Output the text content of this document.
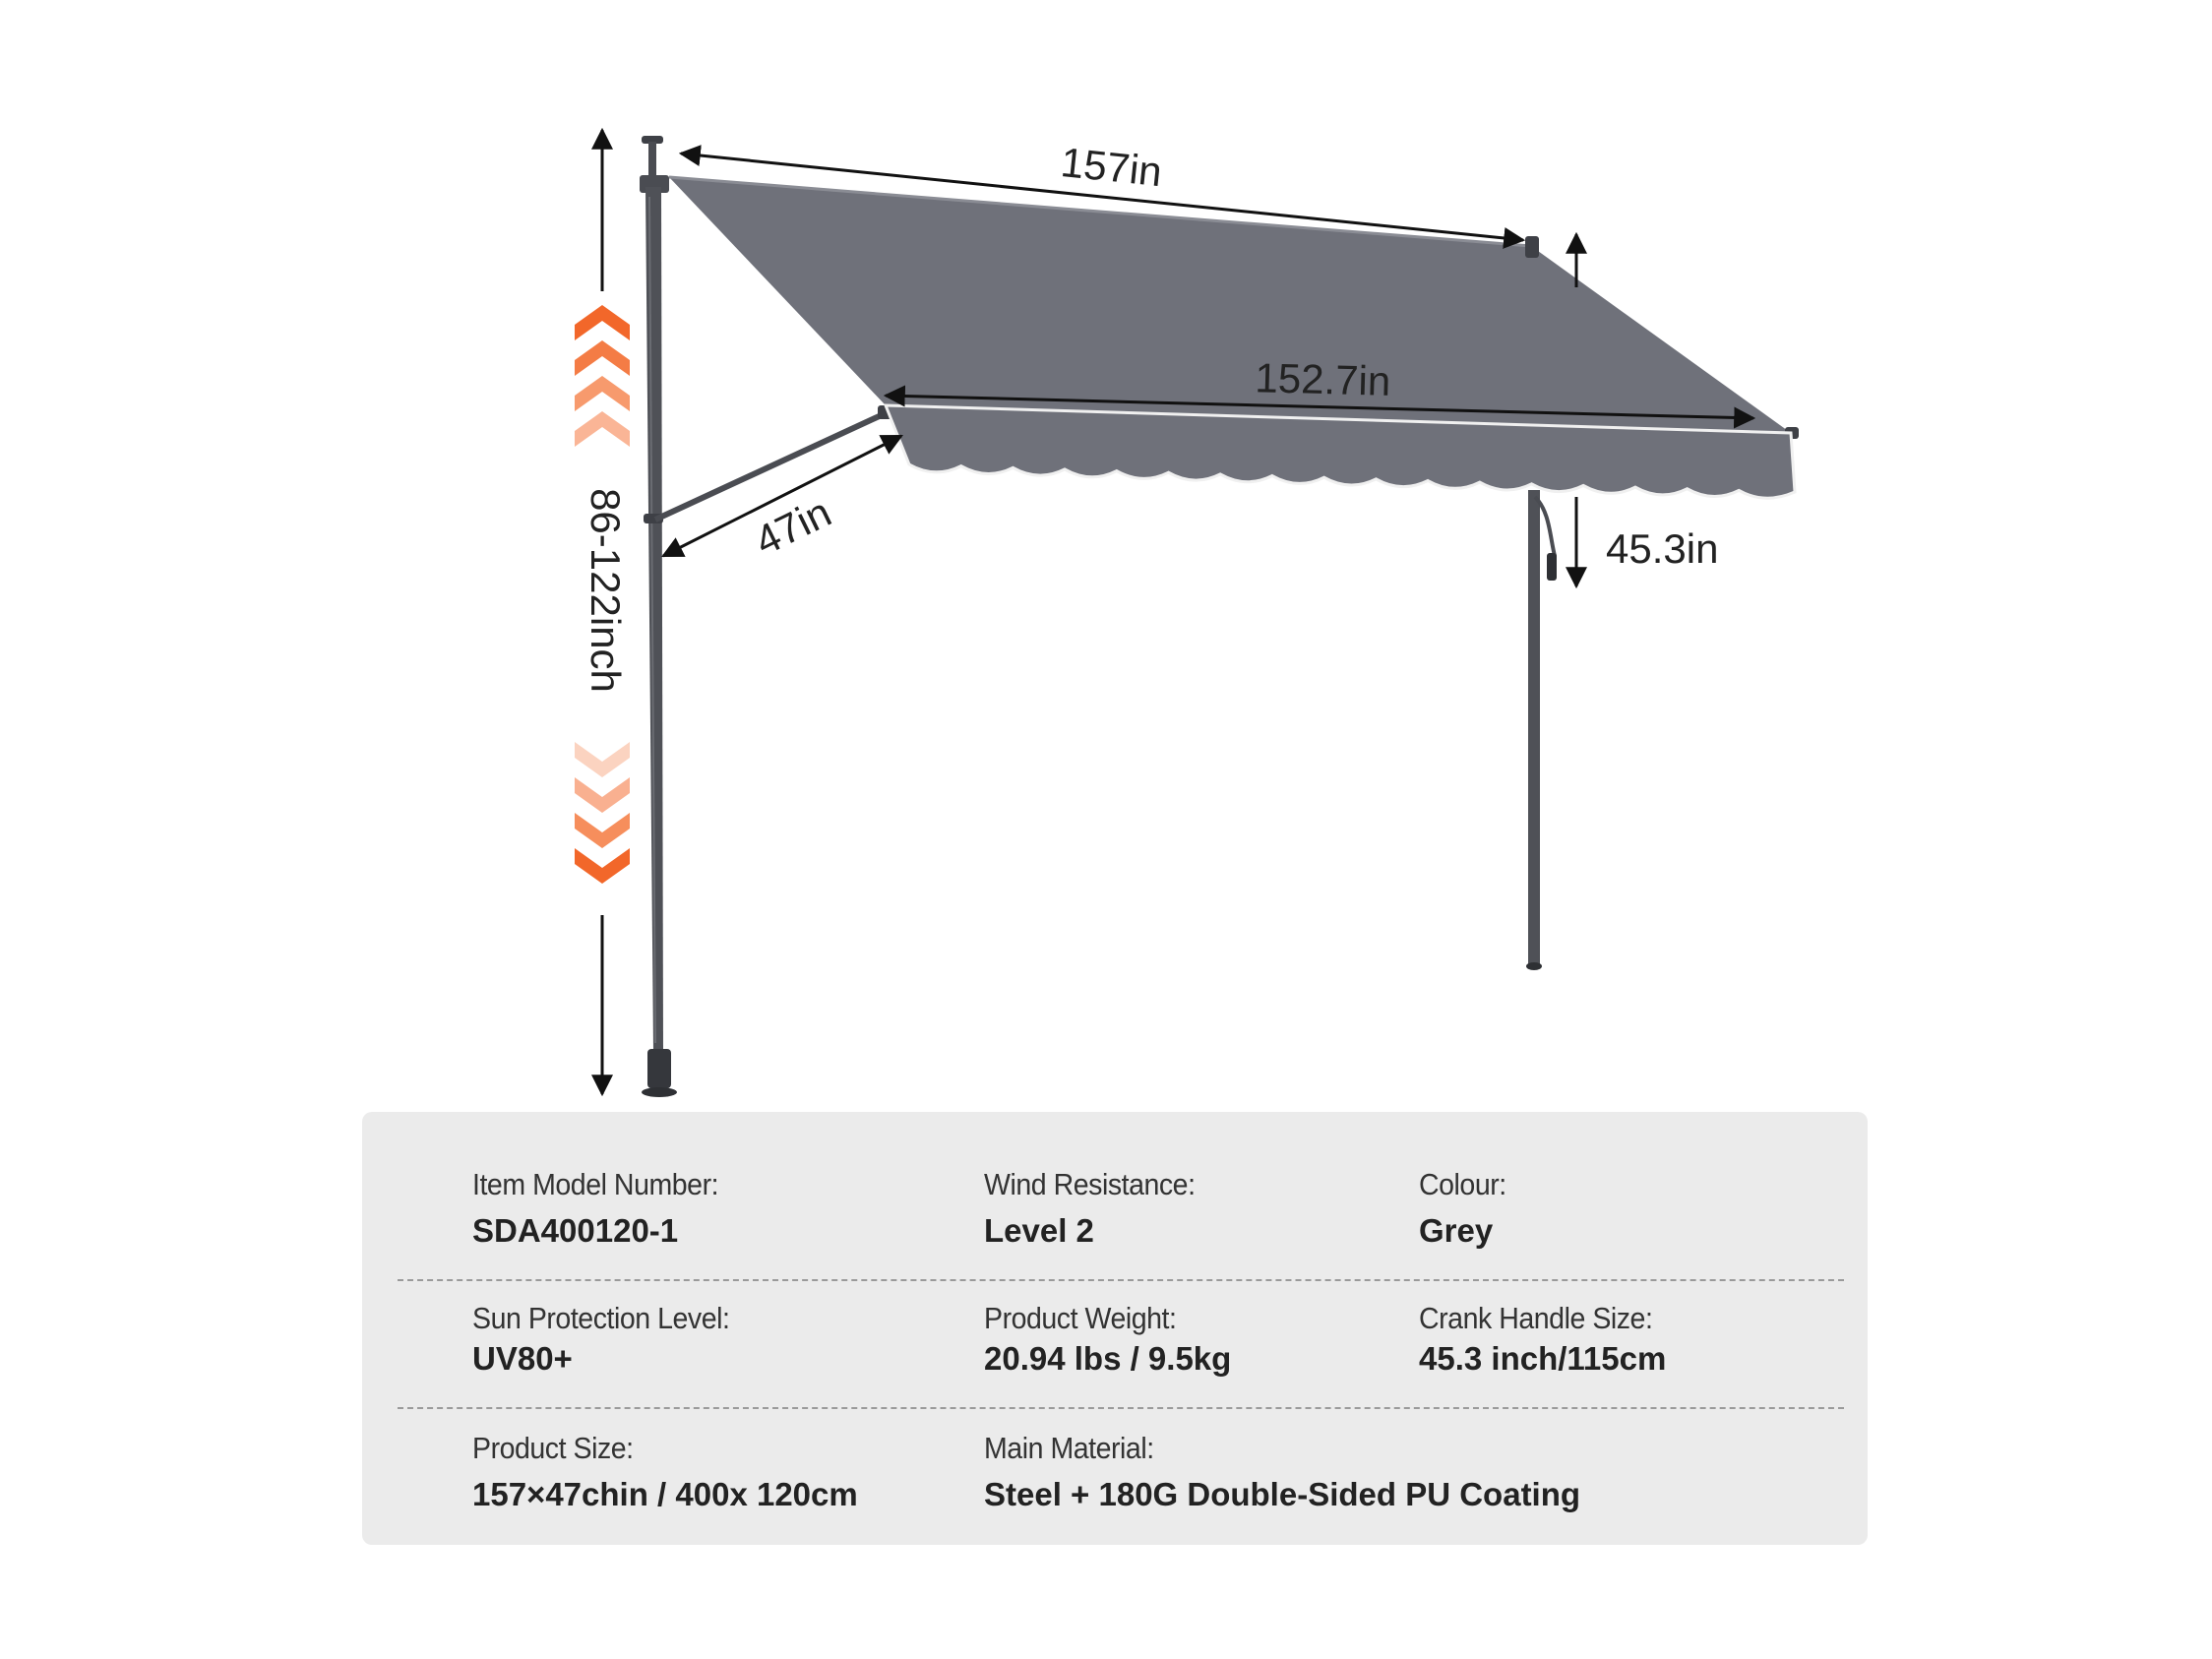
157in
152.7in
47in	45.3in
86-122inch
Item Model Number:
SDA400120-1
Wind Resistance:
Level 2
Colour:
Grey
Sun Protection Level:
UV80+
Product Weight:
20.94 lbs / 9.5kg
Crank Handle Size:
45.3 inch/115cm
Product Size:
157×47chin / 400x 120cm
Main Material:
Steel + 180G Double-Sided PU Coating
